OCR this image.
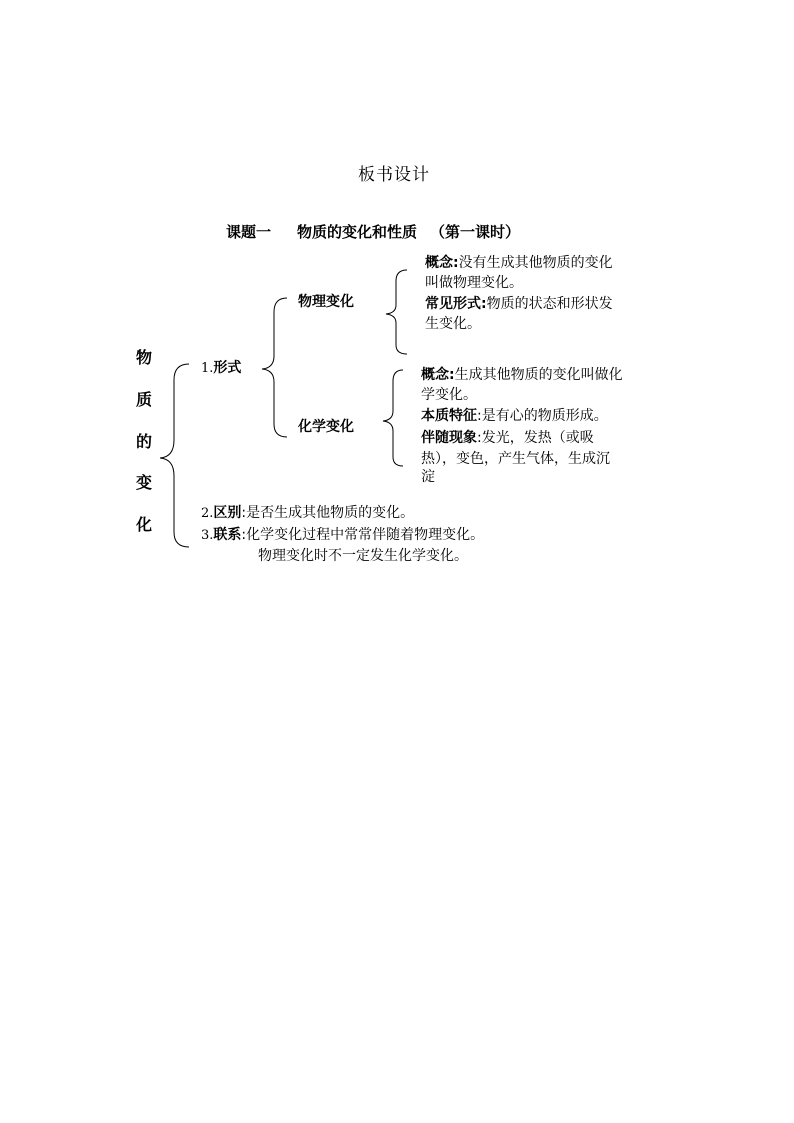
板书设计
课题一 物质的变化和性质 （第一课时）
物
质
的
变
化
1.形式
物理变化
概念:没有生成其他物质的变化
叫做物理变化。
常见形式:物质的状态和形状发
生变化。
化学变化
概念:生成其他物质的变化叫做化
学变化。
本质特征:是有心的物质形成。
伴随现象:发光，发热（或吸
热），变色，产生气体，生成沉
淀
2.区别:是否生成其他物质的变化。
3.联系:化学变化过程中常常伴随着物理变化。
物理变化时不一定发生化学变化。
